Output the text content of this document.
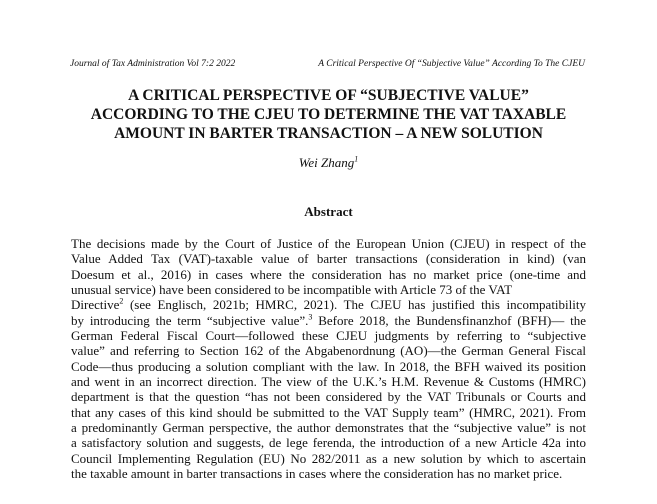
Journal of Tax Administration Vol 7:2 2022	A Critical Perspective Of “Subjective Value” According To The CJEU
A CRITICAL PERSPECTIVE OF “SUBJECTIVE VALUE”
ACCORDING TO THE CJEU TO DETERMINE THE VAT TAXABLE
AMOUNT IN BARTER TRANSACTION – A NEW SOLUTION
Wei Zhang$^1$
Abstract
The decisions made by the Court of Justice of the European Union (CJEU) in respect of the
Value Added Tax (VAT)-taxable value of barter transactions (consideration in kind) (van
Doesum et al., 2016) in cases where the consideration has no market price (one-time and
unusual service) have been considered to be incompatible with Article 73 of the VAT
Directive$^2$ (see Englisch, 2021b; HMRC, 2021). The CJEU has justified this incompatibility
by introducing the term “subjective value”.$^3$ Before 2018, the Bundensfinanzhof (BFH)— the
German Federal Fiscal Court—followed these CJEU judgments by referring to “subjective
value” and referring to Section 162 of the Abgabenordnung (AO)—the German General Fiscal
Code—thus producing a solution compliant with the law. In 2018, the BFH waived its position
and went in an incorrect direction. The view of the U.K.’s H.M. Revenue & Customs (HMRC)
department is that the question “has not been considered by the VAT Tribunals or Courts and
that any cases of this kind should be submitted to the VAT Supply team” (HMRC, 2021). From
a predominantly German perspective, the author demonstrates that the “subjective value” is not
a satisfactory solution and suggests, de lege ferenda, the introduction of a new Article 42a into
Council Implementing Regulation (EU) No 282/2011 as a new solution by which to ascertain
the taxable amount in barter transactions in cases where the consideration has no market price.
